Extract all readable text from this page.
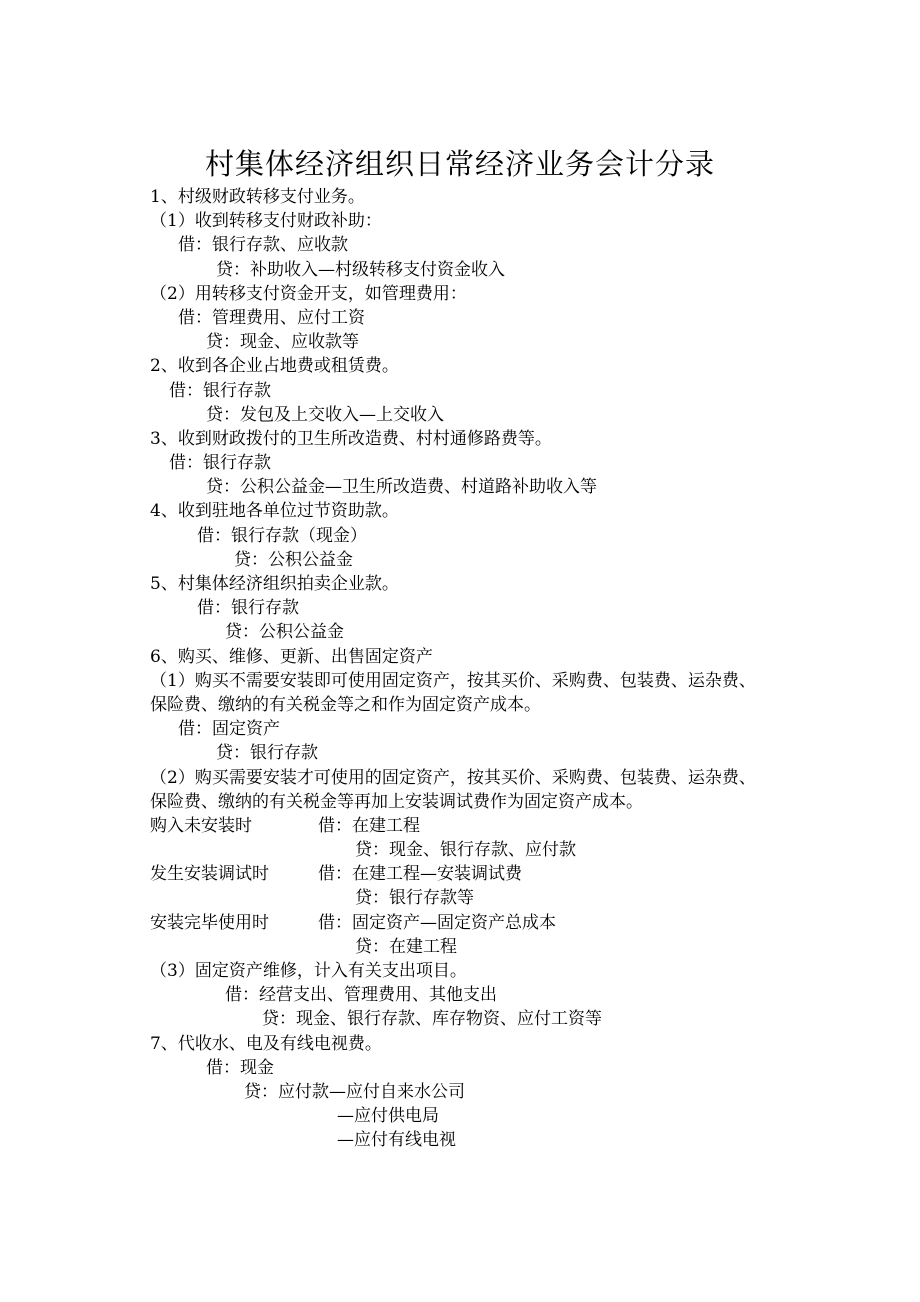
村集体经济组织日常经济业务会计分录
1、村级财政转移支付业务。
（1）收到转移支付财政补助：
借：银行存款、应收款
贷：补助收入—村级转移支付资金收入
（2）用转移支付资金开支，如管理费用：
借：管理费用、应付工资
贷：现金、应收款等
2、收到各企业占地费或租赁费。
借：银行存款
贷：发包及上交收入—上交收入
3、收到财政拨付的卫生所改造费、村村通修路费等。
借：银行存款
贷：公积公益金—卫生所改造费、村道路补助收入等
4、收到驻地各单位过节资助款。
借：银行存款（现金）
贷：公积公益金
5、村集体经济组织拍卖企业款。
借：银行存款
贷：公积公益金
6、购买、维修、更新、出售固定资产
（1）购买不需要安装即可使用固定资产，按其买价、采购费、包装费、运杂费、
保险费、缴纳的有关税金等之和作为固定资产成本。
借：固定资产
贷：银行存款
（2）购买需要安装才可使用的固定资产，按其买价、采购费、包装费、运杂费、
保险费、缴纳的有关税金等再加上安装调试费作为固定资产成本。
购入未安装时	借：在建工程
贷：现金、银行存款、应付款
发生安装调试时	借：在建工程—安装调试费
贷：银行存款等
安装完毕使用时	借：固定资产—固定资产总成本
贷：在建工程
（3）固定资产维修，计入有关支出项目。
借：经营支出、管理费用、其他支出
贷：现金、银行存款、库存物资、应付工资等
7、代收水、电及有线电视费。
借：现金
贷：应付款—应付自来水公司
—应付供电局
—应付有线电视
